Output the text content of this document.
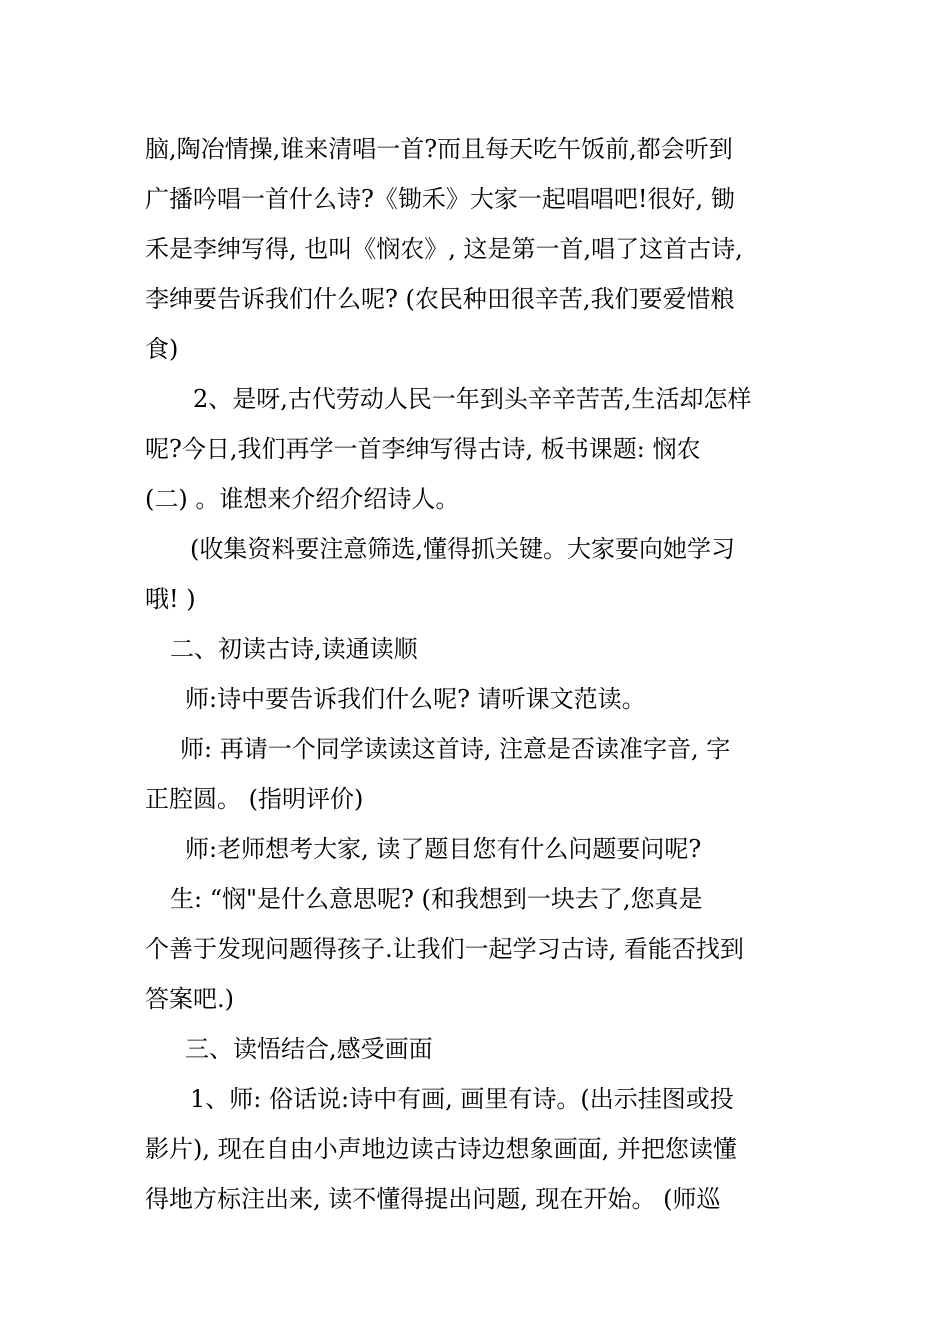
脑,陶冶情操,谁来清唱一首?而且每天吃午饭前,都会听到
广播吟唱一首什么诗?《锄禾》大家一起唱唱吧!很好, 锄
禾是李绅写得, 也叫《悯农》, 这是第一首,唱了这首古诗,
李绅要告诉我们什么呢? (农民种田很辛苦,我们要爱惜粮
食)
2、是呀,古代劳动人民一年到头辛辛苦苦,生活却怎样
呢?今日,我们再学一首李绅写得古诗, 板书课题: 悯农
(二) 。谁想来介绍介绍诗人。
(收集资料要注意筛选,懂得抓关键。大家要向她学习
哦! )
二、初读古诗,读通读顺
师:诗中要告诉我们什么呢? 请听课文范读。
师: 再请一个同学读读这首诗, 注意是否读准字音, 字
正腔圆。 (指明评价)
师:老师想考大家, 读了题目您有什么问题要问呢?
生: “悯"是什么意思呢? (和我想到一块去了,您真是
个善于发现问题得孩子.让我们一起学习古诗, 看能否找到
答案吧.)
三、读悟结合,感受画面
1、师: 俗话说:诗中有画, 画里有诗。(出示挂图或投
影片), 现在自由小声地边读古诗边想象画面, 并把您读懂
得地方标注出来, 读不懂得提出问题, 现在开始。 (师巡
